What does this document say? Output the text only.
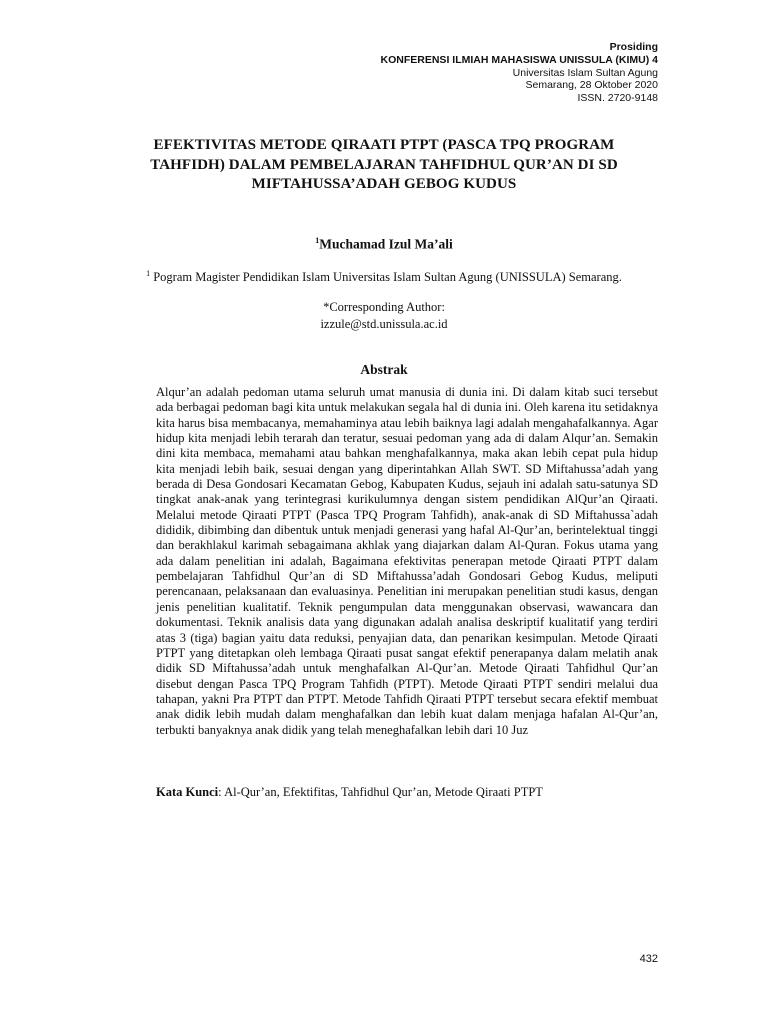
Prosiding
KONFERENSI ILMIAH MAHASISWA UNISSULA (KIMU) 4
Universitas Islam Sultan Agung
Semarang, 28 Oktober 2020
ISSN. 2720-9148
EFEKTIVITAS METODE QIRAATI PTPT (PASCA TPQ PROGRAM
TAHFIDH) DALAM PEMBELAJARAN TAHFIDHUL QUR’AN DI SD
MIFTAHUSSA’ADAH GEBOG KUDUS
$^1$Muchamad Izul Ma’ali
$^1$ Pogram Magister Pendidikan Islam Universitas Islam Sultan Agung (UNISSULA) Semarang.
*Corresponding Author:
izzule@std.unissula.ac.id
Abstrak

Alqur’an adalah pedoman utama seluruh umat manusia di dunia ini. Di dalam kitab suci tersebut ada berbagai pedoman bagi kita untuk melakukan segala hal di dunia ini. Oleh karena itu setidaknya kita harus bisa membacanya, memahaminya atau lebih baiknya lagi adalah mengahafalkannya. Agar hidup kita menjadi lebih terarah dan teratur, sesuai pedoman yang ada di dalam Alqur’an. Semakin dini kita membaca, memahami atau bahkan menghafalkannya, maka akan lebih cepat pula hidup kita menjadi lebih baik, sesuai dengan yang diperintahkan Allah SWT. SD Miftahussa’adah yang berada di Desa Gondosari Kecamatan Gebog, Kabupaten Kudus, sejauh ini adalah satu-satunya SD tingkat anak-anak yang terintegrasi kurikulumnya dengan sistem pendidikan AlQur’an Qiraati. Melalui metode Qiraati PTPT (Pasca TPQ Program Tahfidh), anak-anak di SD Miftahussa`adah dididik, dibimbing dan dibentuk untuk menjadi generasi yang hafal Al-Qur’an, berintelektual tinggi dan berakhlakul karimah sebagaimana akhlak yang diajarkan dalam Al-Quran. Fokus utama yang ada dalam penelitian ini adalah, Bagaimana efektivitas penerapan metode Qiraati PTPT dalam pembelajaran Tahfidhul Qur’an di SD Miftahussa’adah Gondosari Gebog Kudus, meliputi perencanaan, pelaksanaan dan evaluasinya. Penelitian ini merupakan penelitian studi kasus, dengan jenis penelitian kualitatif. Teknik pengumpulan data menggunakan observasi, wawancara dan dokumentasi. Teknik analisis data yang digunakan adalah analisa deskriptif kualitatif yang terdiri atas 3 (tiga) bagian yaitu data reduksi, penyajian data, dan penarikan kesimpulan. Metode Qiraati PTPT yang ditetapkan oleh lembaga Qiraati pusat sangat efektif penerapanya dalam melatih anak didik SD Miftahussa’adah untuk menghafalkan Al-Qur’an. Metode Qiraati Tahfidhul Qur’an disebut dengan Pasca TPQ Program Tahfidh (PTPT). Metode Qiraati PTPT sendiri melalui dua tahapan, yakni Pra PTPT dan PTPT. Metode Tahfidh Qiraati PTPT tersebut secara efektif membuat anak didik lebih mudah dalam menghafalkan dan lebih kuat dalam menjaga hafalan Al-Qur’an, terbukti banyaknya anak didik yang telah meneghafalkan lebih dari 10 Juz

Kata Kunci: Al-Qur’an, Efektifitas, Tahfidhul Qur’an, Metode Qiraati PTPT
432
